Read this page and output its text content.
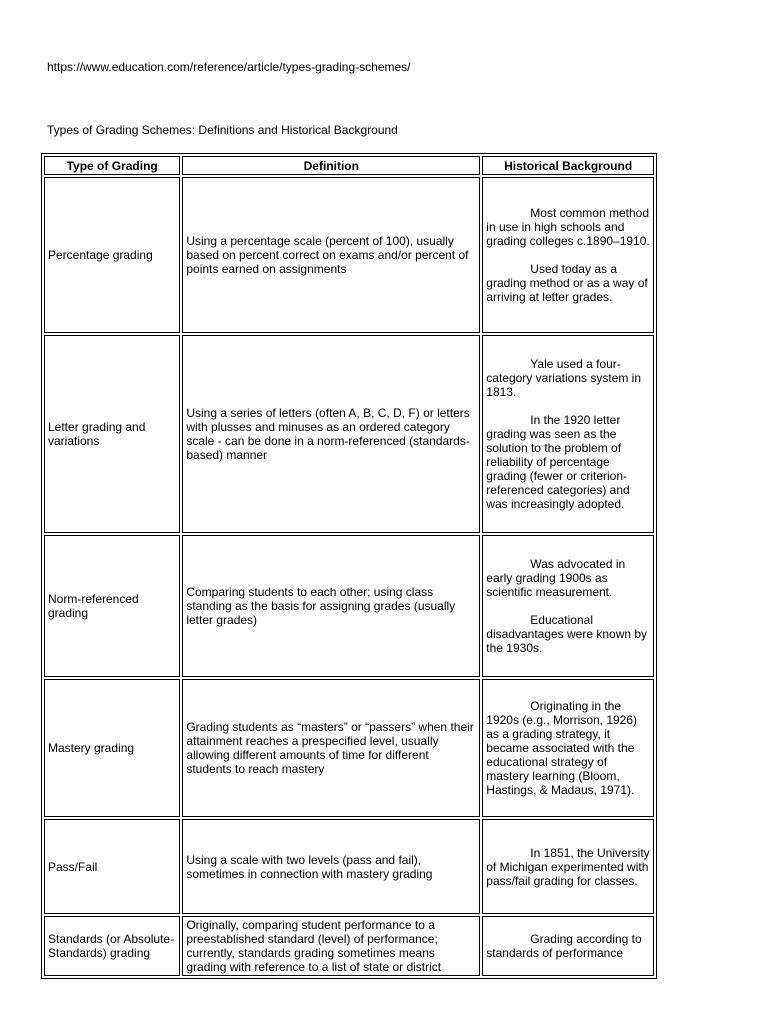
https://www.education.com/reference/article/types-grading-schemes/
Types of Grading Schemes: Definitions and Historical Background
Type of Grading	Definition	Historical Background
Percentage grading	Using a percentage scale (percent of 100), usually based on percent correct on exams and/or percent of points earned on assignments	Most common method in use in high schools and grading colleges c.1890–1910.

Used today as a grading method or as a way of arriving at letter grades.

Letter grading and variations	Using a series of letters (often A, B, C, D, F) or letters with plusses and minuses as an ordered category scale - can be done in a norm-referenced (standards-based) manner	Yale used a four-category variations system in 1813.

In the 1920 letter grading was seen as the solution to the problem of reliability of percentage grading (fewer or criterion-referenced categories) and was increasingly adopted.

Norm-referenced grading	Comparing students to each other; using class standing as the basis for assigning grades (usually letter grades)	Was advocated in early grading 1900s as scientific measurement.

Educational disadvantages were known by the 1930s.

Mastery grading	Grading students as “masters” or “passers” when their attainment reaches a prespecified level, usually allowing different amounts of time for different students to reach mastery	Originating in the 1920s (e.g., Morrison, 1926) as a grading strategy, it became associated with the educational strategy of mastery learning (Bloom, Hastings, & Madaus, 1971).

Pass/Fail	Using a scale with two levels (pass and fail), sometimes in connection with mastery grading	In 1851, the University of Michigan experimented with pass/fail grading for classes.

Standards (or Absolute-Standards) grading	Originally, comparing student performance to a preestablished standard (level) of performance; currently, standards grading sometimes means grading with reference to a list of state or district	Grading according to standards of performance
